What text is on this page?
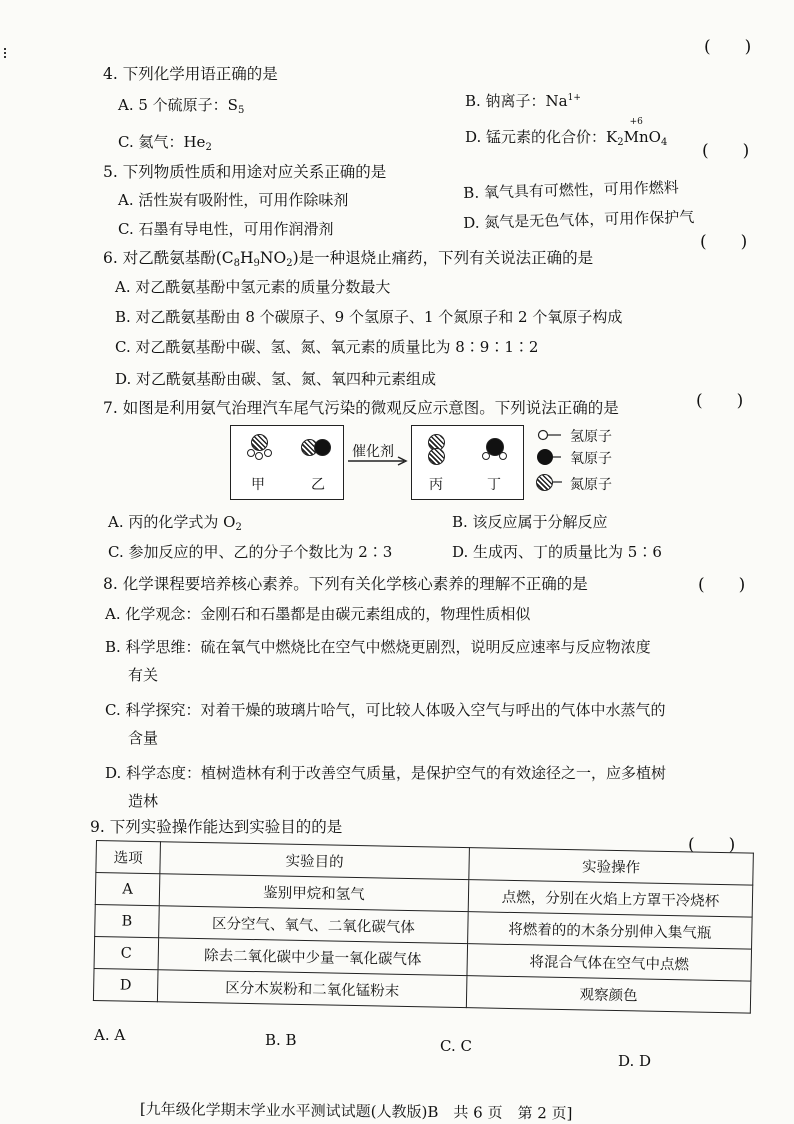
(　　)
4. 下列化学用语正确的是
A. 5 个硫原子：$S_5$
B. 钠离子：$Na^{1+}$
C. 氦气：$He_2$
D. 锰元素的化合价：$K_2$
+6
MnO$_4$ (　　)
5. 下列物质性质和用途对应关系正确的是
A. 活性炭有吸附性，可用作除味剂	B. 氧气具有可燃性，可用作燃料
C. 石墨有导电性，可用作润滑剂	D. 氮气是无色气体，可用作保护气
(　　)
6. 对乙酰氨基酚$(C_8H_9NO_2)$是一种退烧止痛药，下列有关说法正确的是
A. 对乙酰氨基酚中氢元素的质量分数最大
B. 对乙酰氨基酚由 8 个碳原子、9 个氢原子、1 个氮原子和 2 个氧原子构成
C. 对乙酰氨基酚中碳、氢、氮、氧元素的质量比为 8∶9∶1∶2
D. 对乙酰氨基酚由碳、氢、氮、氧四种元素组成
7. 如图是利用氨气治理汽车尾气污染的微观反应示意图。下列说法正确的是	(　　)
甲	乙
催化剂
丙	丁
氢原子
氧原子
氮原子
A. 丙的化学式为 $O_2$	B. 该反应属于分解反应
C. 参加反应的甲、乙的分子个数比为 2∶3	D. 生成丙、丁的质量比为 5∶6
8. 化学课程要培养核心素养。下列有关化学核心素养的理解不正确的是	(　　)
A. 化学观念：金刚石和石墨都是由碳元素组成的，物理性质相似
B. 科学思维：硫在氧气中燃烧比在空气中燃烧更剧烈，说明反应速率与反应物浓度
有关
C. 科学探究：对着干燥的玻璃片哈气，可比较人体吸入空气与呼出的气体中水蒸气的
含量
D. 科学态度：植树造林有利于改善空气质量，是保护空气的有效途径之一，应多植树
造林
9. 下列实验操作能达到实验目的的是
(　　)
选项	实验目的	实验操作
A	鉴别甲烷和氢气	点燃，分别在火焰上方罩干冷烧杯
B	区分空气、氧气、二氧化碳气体	将燃着的的木条分别伸入集气瓶
C	除去二氧化碳中少量一氧化碳气体	将混合气体在空气中点燃
D	区分木炭粉和二氧化锰粉末	观察颜色
A. A	B. B	C. C
D. D
[九年级化学期末学业水平测试试题(人教版)B　共 6 页　第 2 页]
